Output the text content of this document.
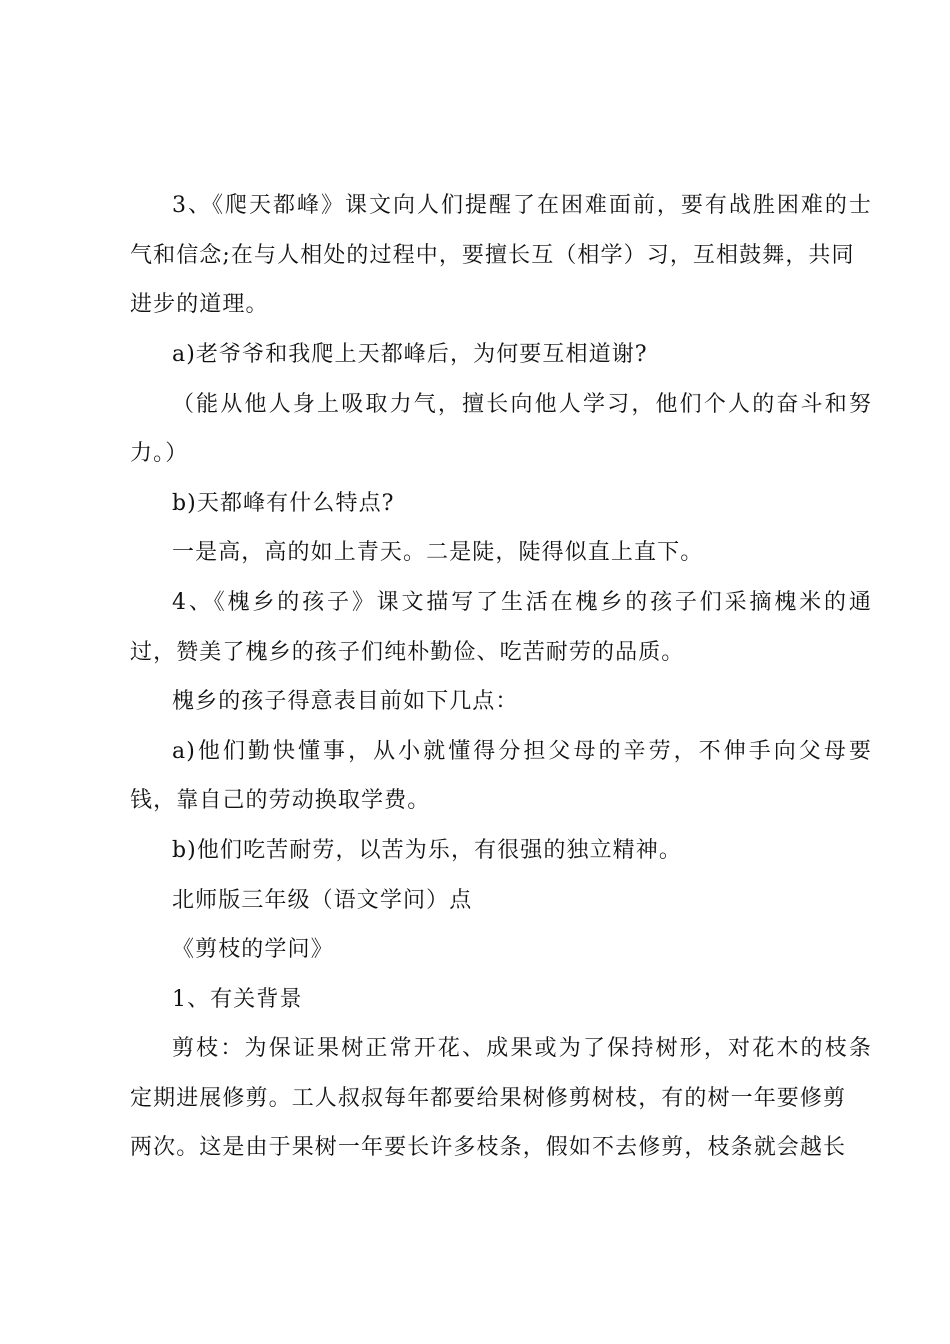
3、《爬天都峰》课文向人们提醒了在困难面前，要有战胜困难的士
气和信念;在与人相处的过程中，要擅长互（相学）习，互相鼓舞，共同
进步的道理。
a)老爷爷和我爬上天都峰后，为何要互相道谢?
（能从他人身上吸取力气，擅长向他人学习，他们个人的奋斗和努
力。）
b)天都峰有什么特点?
一是高，高的如上青天。二是陡，陡得似直上直下。
4、《槐乡的孩子》课文描写了生活在槐乡的孩子们采摘槐米的通
过，赞美了槐乡的孩子们纯朴勤俭、吃苦耐劳的品质。
槐乡的孩子得意表目前如下几点：
a)他们勤快懂事，从小就懂得分担父母的辛劳，不伸手向父母要
钱，靠自己的劳动换取学费。
b)他们吃苦耐劳，以苦为乐，有很强的独立精神。
北师版三年级（语文学问）点
《剪枝的学问》
1、有关背景
剪枝：为保证果树正常开花、成果或为了保持树形，对花木的枝条
定期进展修剪。工人叔叔每年都要给果树修剪树枝，有的树一年要修剪
两次。这是由于果树一年要长许多枝条，假如不去修剪，枝条就会越长
